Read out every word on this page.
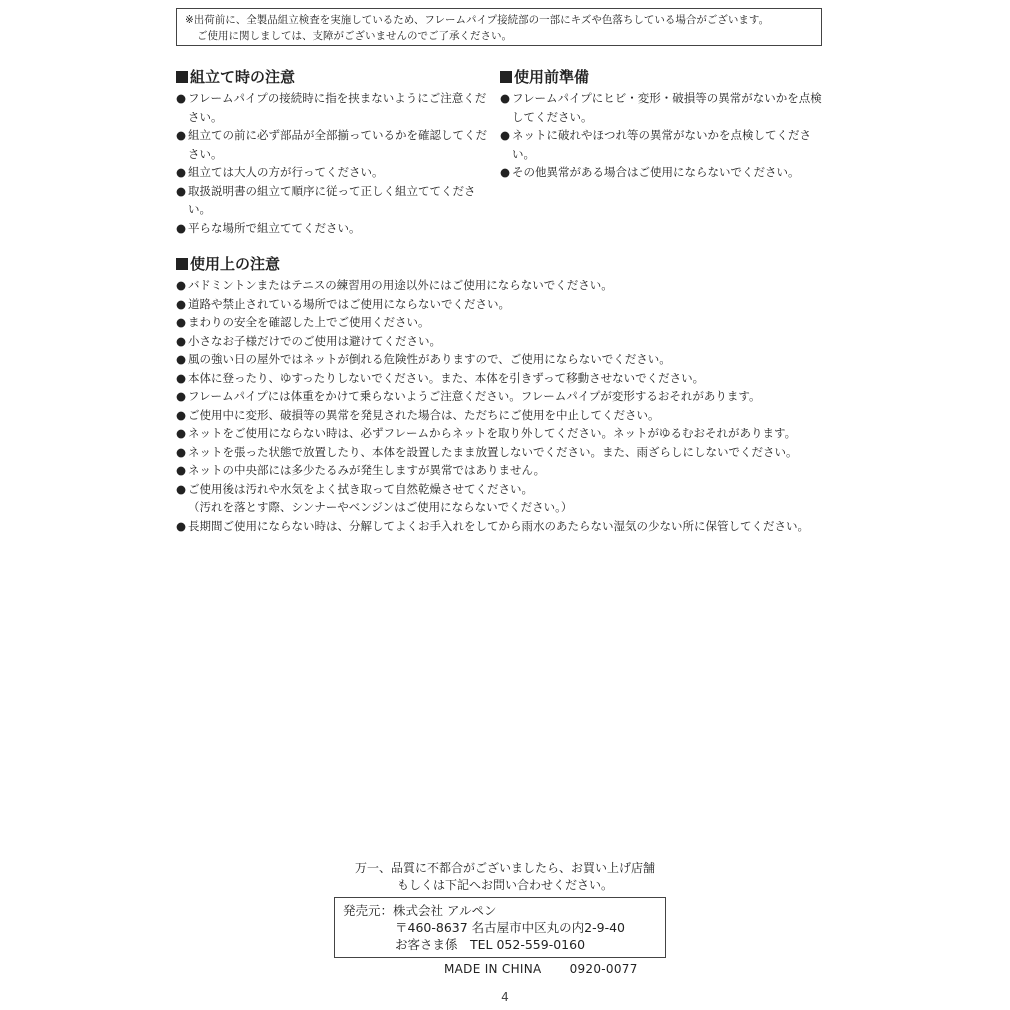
※出荷前に、全製品組立検査を実施しているため、フレームパイプ接続部の一部にキズや色落ちしている場合がございます。
ご使用に関しましては、支障がございませんのでご了承ください。
組立て時の注意
● フレームパイプの接続時に指を挟まないようにご注意ください。
● 組立ての前に必ず部品が全部揃っているかを確認してください。
● 組立ては大人の方が行ってください。
● 取扱説明書の組立て順序に従って正しく組立ててください。
● 平らな場所で組立ててください。
使用前準備
● フレームパイプにヒビ・変形・破損等の異常がないかを点検してください。
● ネットに破れやほつれ等の異常がないかを点検してください。
● その他異常がある場合はご使用にならないでください。
使用上の注意
● バドミントンまたはテニスの練習用の用途以外にはご使用にならないでください。
● 道路や禁止されている場所ではご使用にならないでください。
● まわりの安全を確認した上でご使用ください。
● 小さなお子様だけでのご使用は避けてください。
● 風の強い日の屋外ではネットが倒れる危険性がありますので、ご使用にならないでください。
● 本体に登ったり、ゆすったりしないでください。また、本体を引きずって移動させないでください。
● フレームパイプには体重をかけて乗らないようご注意ください。フレームパイプが変形するおそれがあります。
● ご使用中に変形、破損等の異常を発見された場合は、ただちにご使用を中止してください。
● ネットをご使用にならない時は、必ずフレームからネットを取り外してください。ネットがゆるむおそれがあります。
● ネットを張った状態で放置したり、本体を設置したまま放置しないでください。また、雨ざらしにしないでください。
● ネットの中央部には多少たるみが発生しますが異常ではありません。
● ご使用後は汚れや水気をよく拭き取って自然乾燥させてください。
（汚れを落とす際、シンナーやベンジンはご使用にならないでください。）
● 長期間ご使用にならない時は、分解してよくお手入れをしてから雨水のあたらない湿気の少ない所に保管してください。
万一、品質に不都合がございましたら、お買い上げ店舗
もしくは下記へお問い合わせください。
発売元：株式会社 アルペン
〒460-8637 名古屋市中区丸の内2-9-40
お客さま係　TEL 052-559-0160
MADE IN CHINA 0920-0077
4
